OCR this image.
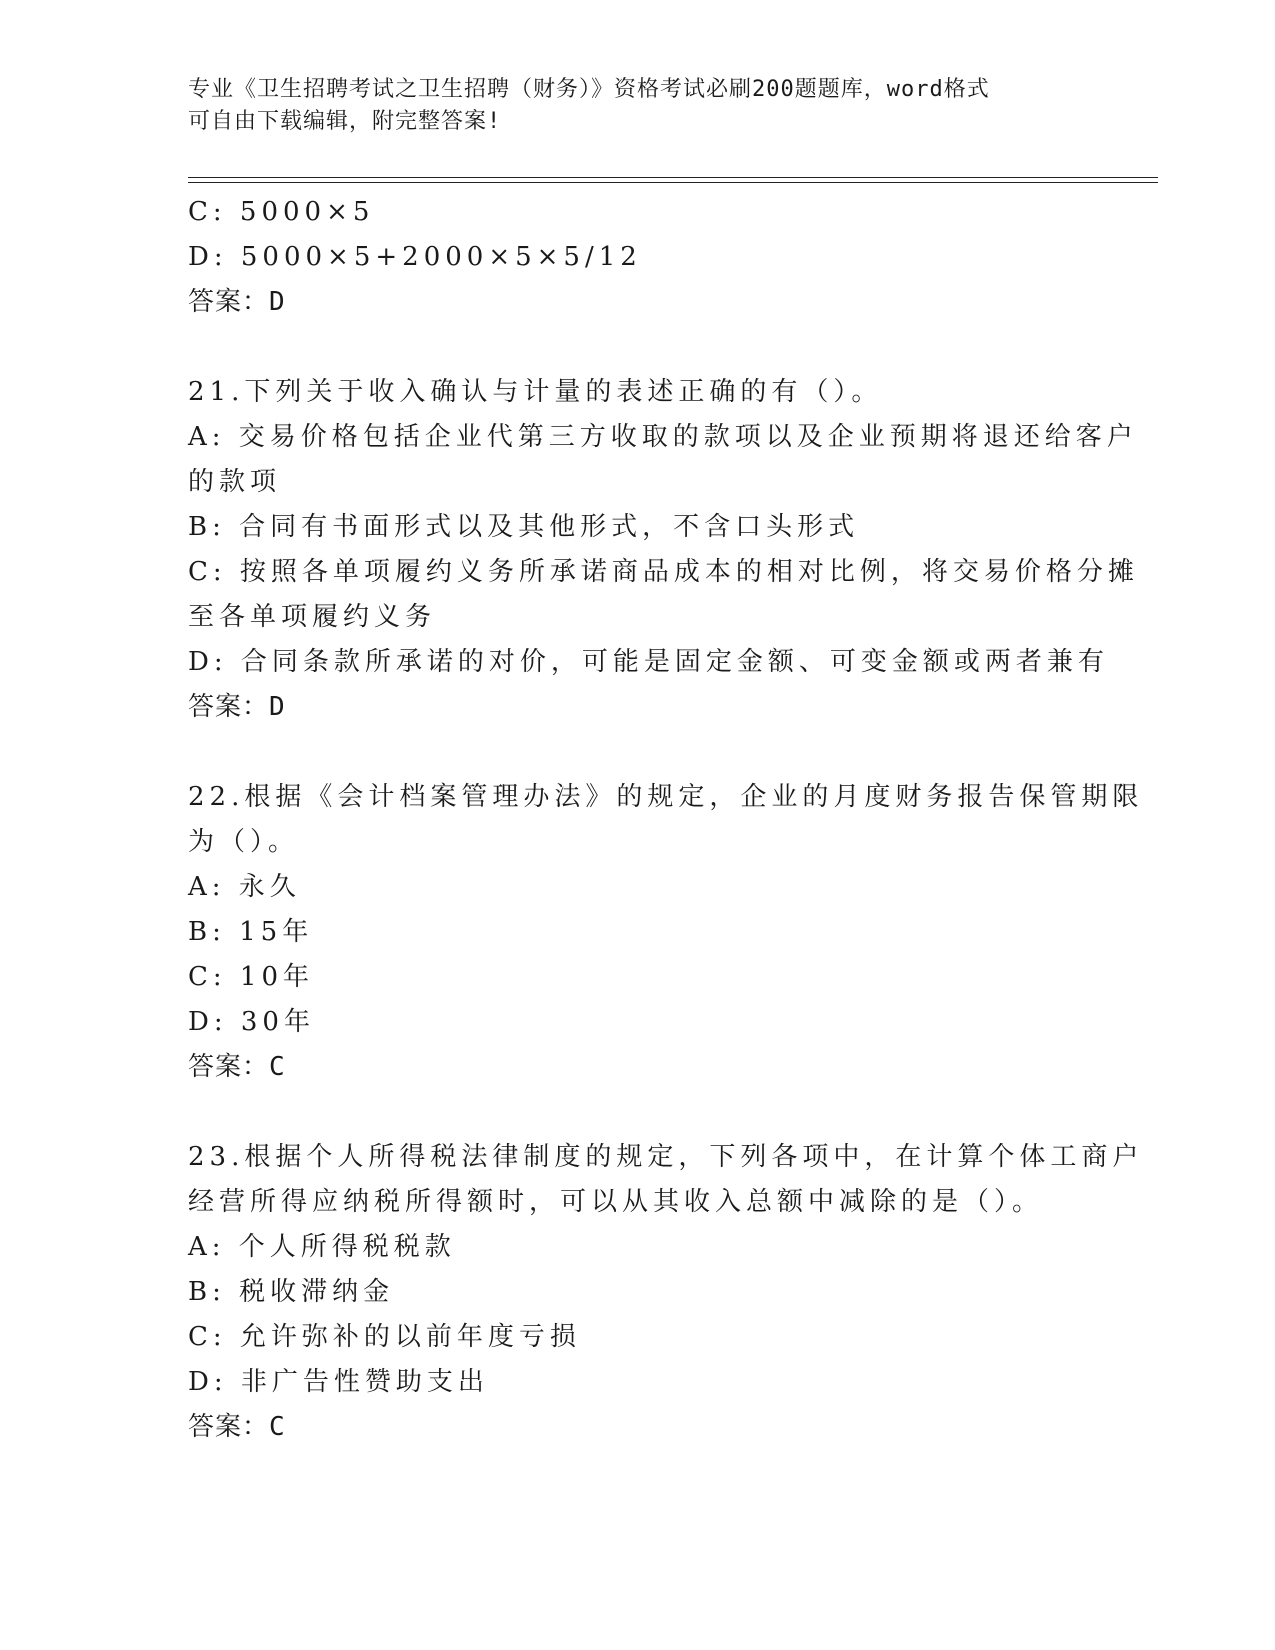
专业《卫生招聘考试之卫生招聘（财务）》资格考试必刷200题题库，word格式
可自由下载编辑，附完整答案!
C: 5000×5
D: 5000×5+2000×5×5/12
答案：D
21.下列关于收入确认与计量的表述正确的有（）。
A: 交易价格包括企业代第三方收取的款项以及企业预期将退还给客户
的款项
B: 合同有书面形式以及其他形式，不含口头形式
C: 按照各单项履约义务所承诺商品成本的相对比例，将交易价格分摊
至各单项履约义务
D: 合同条款所承诺的对价，可能是固定金额、可变金额或两者兼有
答案：D
22.根据《会计档案管理办法》的规定，企业的月度财务报告保管期限
为（）。
A: 永久
B: 15年
C: 10年
D: 30年
答案：C
23.根据个人所得税法律制度的规定，下列各项中，在计算个体工商户
经营所得应纳税所得额时，可以从其收入总额中减除的是（）。
A: 个人所得税税款
B: 税收滞纳金
C: 允许弥补的以前年度亏损
D: 非广告性赞助支出
答案：C
